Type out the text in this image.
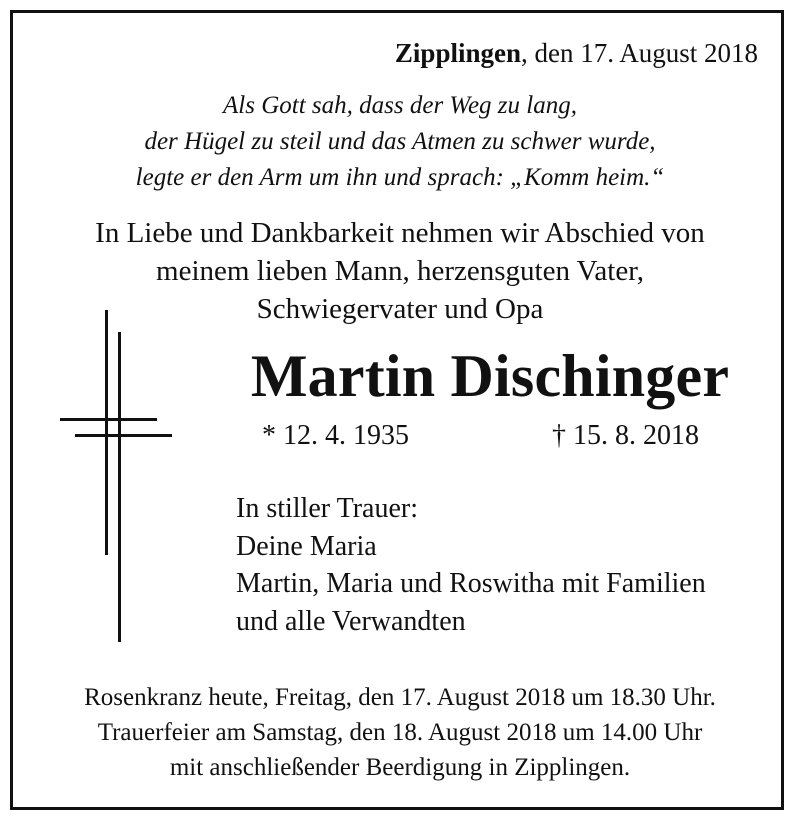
Zipplingen, den 17. August 2018
Als Gott sah, dass der Weg zu lang,
der Hügel zu steil und das Atmen zu schwer wurde,
legte er den Arm um ihn und sprach: „Komm heim.“
In Liebe und Dankbarkeit nehmen wir Abschied von
meinem lieben Mann, herzensguten Vater,
Schwiegervater und Opa
Martin Dischinger
* 12. 4. 1935	† 15. 8. 2018
In stiller Trauer:
Deine Maria
Martin, Maria und Roswitha mit Familien
und alle Verwandten
Rosenkranz heute, Freitag, den 17. August 2018 um 18.30 Uhr.
Trauerfeier am Samstag, den 18. August 2018 um 14.00 Uhr
mit anschließender Beerdigung in Zipplingen.
